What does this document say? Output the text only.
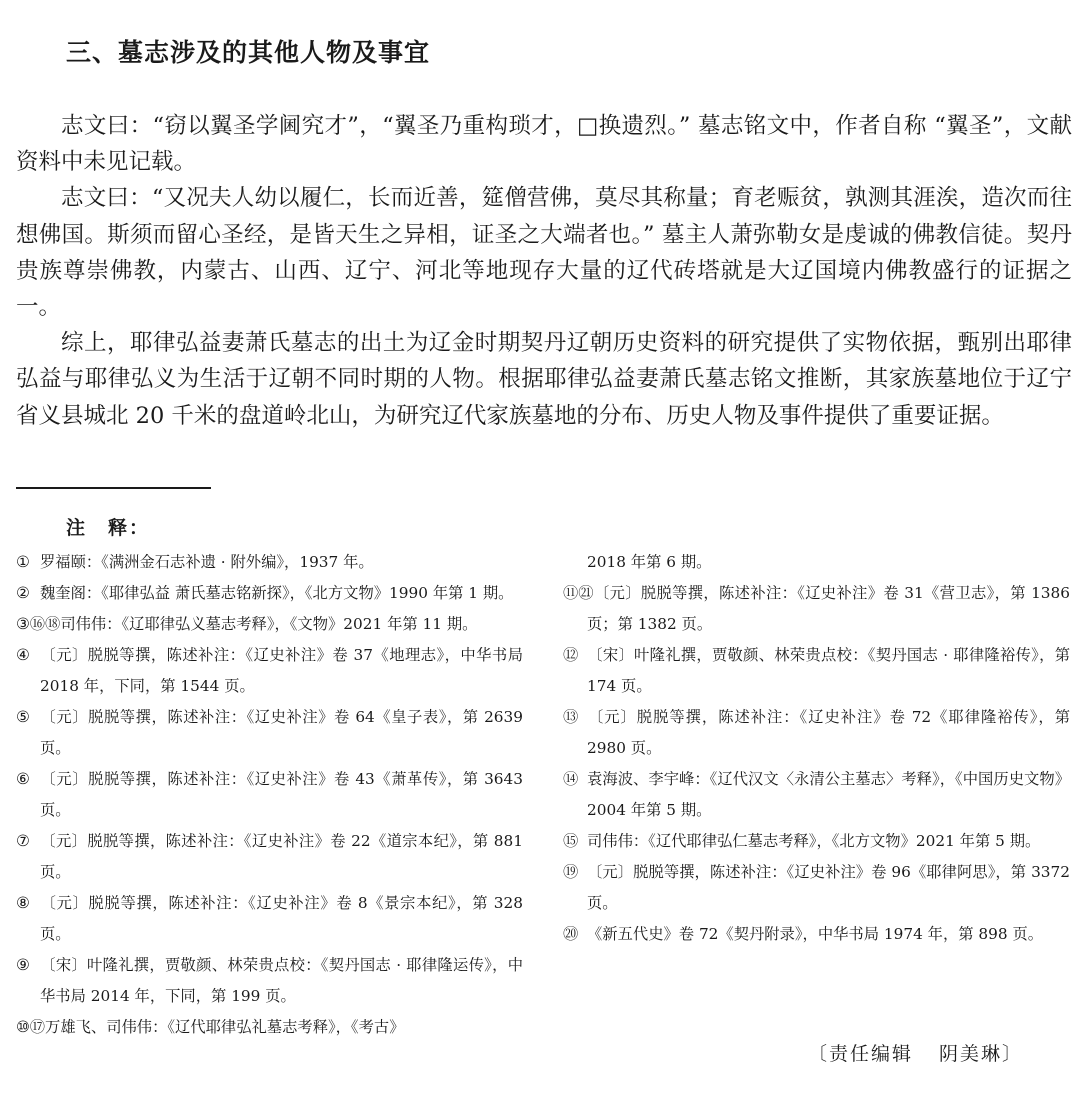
三、墓志涉及的其他人物及事宜

志文曰：“窃以翼圣学阃究才”，“翼圣乃重构琐才，□换遗烈。” 墓志铭文中，作者自称 “翼圣”，文献资料中未见记载。

志文曰：“又况夫人幼以履仁，长而近善，筵僧营佛，莫尽其称量；育老赈贫，孰测其涯涘，造次而往想佛国。斯须而留心圣经，是皆天生之异相，证圣之大端者也。” 墓主人萧弥勒女是虔诚的佛教信徒。契丹贵族尊崇佛教，内蒙古、山西、辽宁、河北等地现存大量的辽代砖塔就是大辽国境内佛教盛行的证据之一。

综上，耶律弘益妻萧氏墓志的出土为辽金时期契丹辽朝历史资料的研究提供了实物依据，甄别出耶律弘益与耶律弘义为生活于辽朝不同时期的人物。根据耶律弘益妻萧氏墓志铭文推断，其家族墓地位于辽宁省义县城北 20 千米的盘道岭北山，为研究辽代家族墓地的分布、历史人物及事件提供了重要证据。

注　释：

① 罗福颐：《满洲金石志补遗 · 附外编》，1937 年。

② 魏奎阁：《耶律弘益 萧氏墓志铭新探》，《北方文物》1990 年第 1 期。

③⑯⑱司伟伟：《辽耶律弘义墓志考释》，《文物》2021 年第 11 期。

④ 〔元〕脱脱等撰，陈述补注：《辽史补注》卷 37《地理志》，中华书局 2018 年，下同，第 1544 页。

⑤ 〔元〕脱脱等撰，陈述补注：《辽史补注》卷 64《皇子表》，第 2639 页。

⑥ 〔元〕脱脱等撰，陈述补注：《辽史补注》卷 43《萧革传》，第 3643 页。

⑦ 〔元〕脱脱等撰，陈述补注：《辽史补注》卷 22《道宗本纪》，第 881 页。

⑧ 〔元〕脱脱等撰，陈述补注：《辽史补注》卷 8《景宗本纪》，第 328 页。

⑨ 〔宋〕叶隆礼撰，贾敬颜、林荣贵点校：《契丹国志 · 耶律隆运传》，中华书局 2014 年，下同，第 199 页。

⑩⑰万雄飞、司伟伟：《辽代耶律弘礼墓志考释》，《考古》

2018 年第 6 期。

⑪㉑〔元〕脱脱等撰，陈述补注：《辽史补注》卷 31《营卫志》，第 1386 页；第 1382 页。

⑫ 〔宋〕叶隆礼撰，贾敬颜、林荣贵点校：《契丹国志 · 耶律隆裕传》，第 174 页。

⑬ 〔元〕脱脱等撰，陈述补注：《辽史补注》卷 72《耶律隆裕传》，第 2980 页。

⑭ 袁海波、李宇峰：《辽代汉文〈永清公主墓志〉考释》，《中国历史文物》2004 年第 5 期。

⑮ 司伟伟：《辽代耶律弘仁墓志考释》，《北方文物》2021 年第 5 期。

⑲ 〔元〕脱脱等撰，陈述补注：《辽史补注》卷 96《耶律阿思》，第 3372 页。

⑳ 《新五代史》卷 72《契丹附录》，中华书局 1974 年，第 898 页。

〔责任编辑 阴美琳〕
